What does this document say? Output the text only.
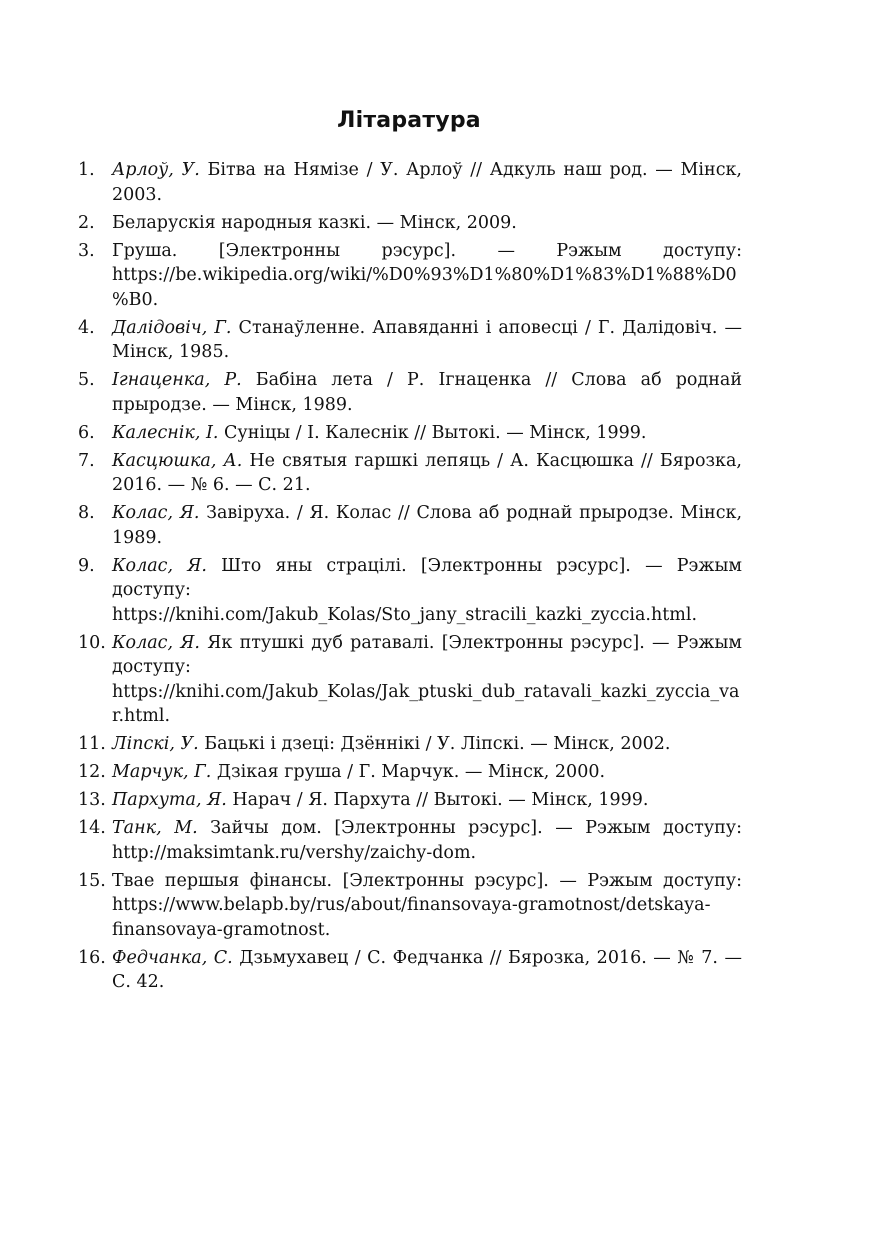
Літаратура
1. Арлоў, У. Бітва на Нямізе / У. Арлоў // Адкуль наш род. — Мінск, 2003.
2. Беларускія народныя казкі. — Мінск, 2009.
3. Груша. [Электронны рэсурс]. — Рэжым доступу: https://be.wikipedia.org/wiki/%D0%93%D1%80%D1%83%D1%88%D0%B0.
4. Далідовіч, Г. Станаўленне. Апавяданні і аповесці / Г. Далідовіч. — Мінск, 1985.
5. Ігнаценка, Р. Бабіна лета / Р. Ігнаценка // Слова аб роднай прыродзе. — Мінск, 1989.
6. Калеснік, І. Суніцы / І. Калеснік // Вытокі. — Мінск, 1999.
7. Касцюшка, А. Не святыя гаршкі лепяць / А. Касцюшка // Бярозка, 2016. — № 6. — С. 21.
8. Колас, Я. Завіруха. / Я. Колас // Слова аб роднай прыродзе. Мінск, 1989.
9. Колас, Я. Што яны страцілі. [Электронны рэсурс]. — Рэжым доступу: https://knihi.com/Jakub_Kolas/Sto_jany_stracili_kazki_zyccia.html.
10. Колас, Я. Як птушкі дуб ратавалі. [Электронны рэсурс]. — Рэжым доступу: https://knihi.com/Jakub_Kolas/Jak_ptuski_dub_ratavali_kazki_zyccia_var.html.
11. Ліпскі, У. Бацькі і дзеці: Дзённікі / У. Ліпскі. — Мінск, 2002.
12. Марчук, Г. Дзікая груша / Г. Марчук. — Мінск, 2000.
13. Пархута, Я. Нарач / Я. Пархута // Вытокі. — Мінск, 1999.
14. Танк, М. Зайчы дом. [Электронны рэсурс]. — Рэжым доступу: http://maksimtank.ru/vershy/zaichy-dom.
15. Твае першыя фінансы. [Электронны рэсурс]. — Рэжым доступу: https://www.belapb.by/rus/about/finansovaya-gramotnost/detskaya-finansovaya-gramotnost.
16. Федчанка, С. Дзьмухавец / С. Федчанка // Бярозка, 2016. — № 7. — С. 42.
